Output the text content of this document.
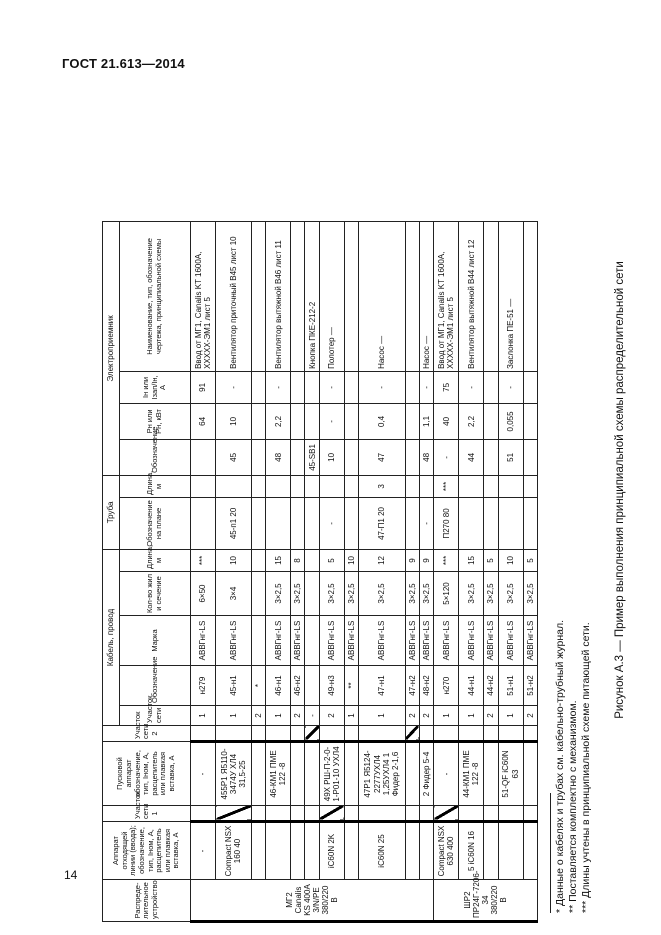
ГОСТ 21.613—2014
14
Распреде-лительное устройство	Аппарат отходящей линии (ввода); обозначение, тип, Iном, А, расцепитель или плавкая вставка, А	Участок сети 1	Пусковой аппарат обозначение, тип, Iном, А, расцепитель или плавкая вставка, А	Участок сети 2	Кабель, провод					Труба		Электроприемник			
					Участок сети	Обозначение	Марка	Кол-во жил и сечение	Длина, м	Обозначение на плане	Длина, м	Обозначение	Рн или Рн, кВт	Iн или Iзап/Iн, А	Наименование, тип, обозначение чертежа, принципиальной схемы
МГ2 Canalis KS 400A 3/N/PE 380/220 В	-		-		1	н279	АВВГнг-LS	6×50	***				64	91	Ввод от МГ1, Canalis KT 1600А, ХХХХХ-ЭМ1 лист 5
	Compact NSX 160 40		455Р1 Я5110-3474У ХЛ4 31,5-25		1	45-н1	АВВГнг-LS	3×4	10	45-п1 20		45	10	-	Вентилятор приточный В45 лист 10
					2	*									
			46-КМ1 ПМЕ 122 -8		1	46-н1	АВВГнг-LS	3×2,5	15			48	2,2	-	Вентилятор вытяжной В46 лист 11
					2	46-н2	АВВГнг-LS	3×2,5	8						
					-							45-SB1			Кнопка ПКЕ-212-2
	iC60N 2K		49Х РШ-П-2-0-1-Р01-10 УХЛ4		2	49-н3	АВВГнг-LS	3×2,5	5	-		10	-	-	Полотер —
					1	**	АВВГнг-LS	3×2,5	10						
	iC60N 25		47Р1 Я5124-2277УХЛ4 1,25УХЛ4 1 Фидер 2-1,6		1	47-н1	АВВГнг-LS	3×2,5	12	47-П1 20	3	47	0,4	-	Насос —
					2	47-н2	АВВГнг-LS	3×2,5	9						
			2 Фидер 5-4		2	48-н2	АВВГнг-LS	3×2,5	9	-		48	1,1	-	Насос —
ШР2 ПР24Г-7206-34 380/220 В	Compact NSX 630 400		-		1	н270	АВВГнг-LS	5×120	***	П270 80	***	-	40	75	Ввод от МГ1, Canalis KT 1600А, ХХХХХ-ЭМ1 лист 5
	5 iC60N 16		44-КМ1 ПМЕ 122 -8		1	44-н1	АВВГнг-LS	3×2,5	15			44	2,2	-	Вентилятор вытяжной В44 лист 12
					2	44-н2	АВВГнг-LS	3×2,5	5						
			51-QF iC60N 63		1	51-н1	АВВГнг-LS	3×2,5	10			51	0,055	-	Заслонка ПЕ-51 —
					2	51-н2	АВВГнг-LS	3×2,5	5						
* Данные о кабелях и трубах см. кабельно-трубный журнал. ** Поставляется комплектно с механизмом. *** Длины учтены в принципиальной схеме питающей сети.
Рисунок А.3 — Пример выполнения принципиальной схемы распределительной сети
